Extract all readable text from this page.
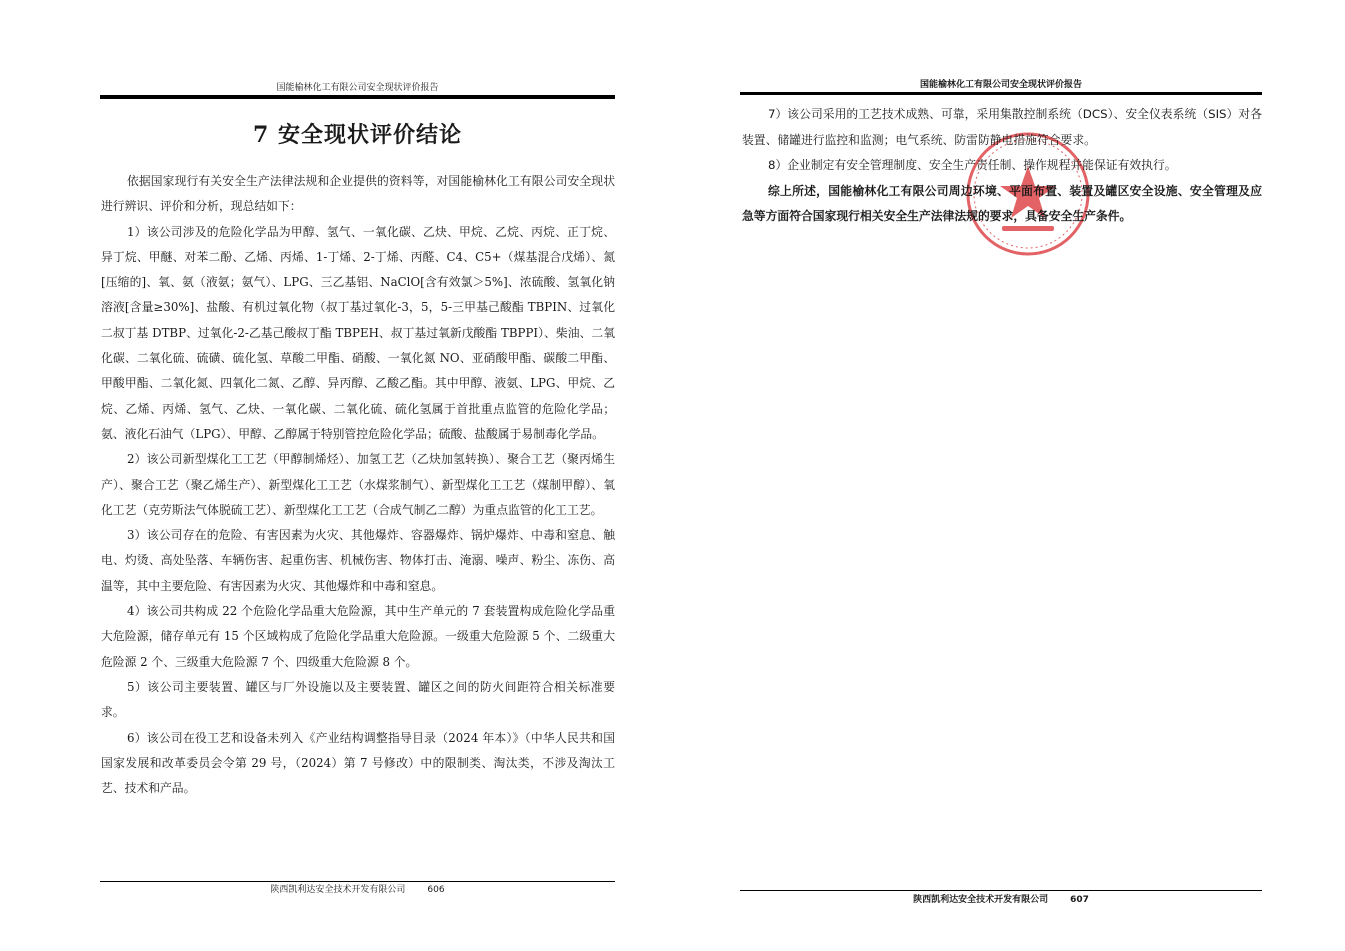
国能榆林化工有限公司安全现状评价报告
7 安全现状评价结论

依据国家现行有关安全生产法律法规和企业提供的资料等，对国能榆林化工有限公司安全现状进行辨识、评价和分析，现总结如下：

1）该公司涉及的危险化学品为甲醇、氢气、一氧化碳、乙炔、甲烷、乙烷、丙烷、正丁烷、异丁烷、甲醚、对苯二酚、乙烯、丙烯、1-丁烯、2-丁烯、丙醛、C4、C5+（煤基混合戊烯）、氮[压缩的]、氧、氨（液氨；氨气）、LPG、三乙基铝、NaClO[含有效氯＞5%]、浓硫酸、氢氧化钠溶液[含量≥30%]、盐酸、有机过氧化物（叔丁基过氧化-3，5，5-三甲基己酸酯 TBPIN、过氧化二叔丁基 DTBP、过氧化-2-乙基己酸叔丁酯 TBPEH、叔丁基过氧新戊酸酯 TBPPI）、柴油、二氧化碳、二氧化硫、硫磺、硫化氢、草酸二甲酯、硝酸、一氧化氮 NO、亚硝酸甲酯、碳酸二甲酯、甲酸甲酯、二氧化氮、四氧化二氮、乙醇、异丙醇、乙酸乙酯。其中甲醇、液氨、LPG、甲烷、乙烷、乙烯、丙烯、氢气、乙炔、一氧化碳、二氧化硫、硫化氢属于首批重点监管的危险化学品；氨、液化石油气（LPG）、甲醇、乙醇属于特别管控危险化学品；硫酸、盐酸属于易制毒化学品。

2）该公司新型煤化工工艺（甲醇制烯烃）、加氢工艺（乙炔加氢转换）、聚合工艺（聚丙烯生产）、聚合工艺（聚乙烯生产）、新型煤化工工艺（水煤浆制气）、新型煤化工工艺（煤制甲醇）、氧化工艺（克劳斯法气体脱硫工艺）、新型煤化工工艺（合成气制乙二醇）为重点监管的化工工艺。

3）该公司存在的危险、有害因素为火灾、其他爆炸、容器爆炸、锅炉爆炸、中毒和窒息、触电、灼烫、高处坠落、车辆伤害、起重伤害、机械伤害、物体打击、淹溺、噪声、粉尘、冻伤、高温等，其中主要危险、有害因素为火灾、其他爆炸和中毒和窒息。

4）该公司共构成 22 个危险化学品重大危险源，其中生产单元的 7 套装置构成危险化学品重大危险源，储存单元有 15 个区域构成了危险化学品重大危险源。一级重大危险源 5 个、二级重大危险源 2 个、三级重大危险源 7 个、四级重大危险源 8 个。

5）该公司主要装置、罐区与厂外设施以及主要装置、罐区之间的防火间距符合相关标准要求。

6）该公司在役工艺和设备未列入《产业结构调整指导目录（2024 年本）》（中华人民共和国国家发展和改革委员会令第 29 号，（2024）第 7 号修改）中的限制类、淘汰类，不涉及淘汰工艺、技术和产品。

陕西凯利达安全技术开发有限公司 606
国能榆林化工有限公司安全现状评价报告

7）该公司采用的工艺技术成熟、可靠，采用集散控制系统（DCS）、安全仪表系统（SIS）对各装置、储罐进行监控和监测；电气系统、防雷防静电措施符合要求。

8）企业制定有安全管理制度、安全生产责任制、操作规程并能保证有效执行。

综上所述，国能榆林化工有限公司周边环境、平面布置、装置及罐区安全设施、安全管理及应急等方面符合国家现行相关安全生产法律法规的要求，具备安全生产条件。

陕西凯利达安全技术开发有限公司 607
